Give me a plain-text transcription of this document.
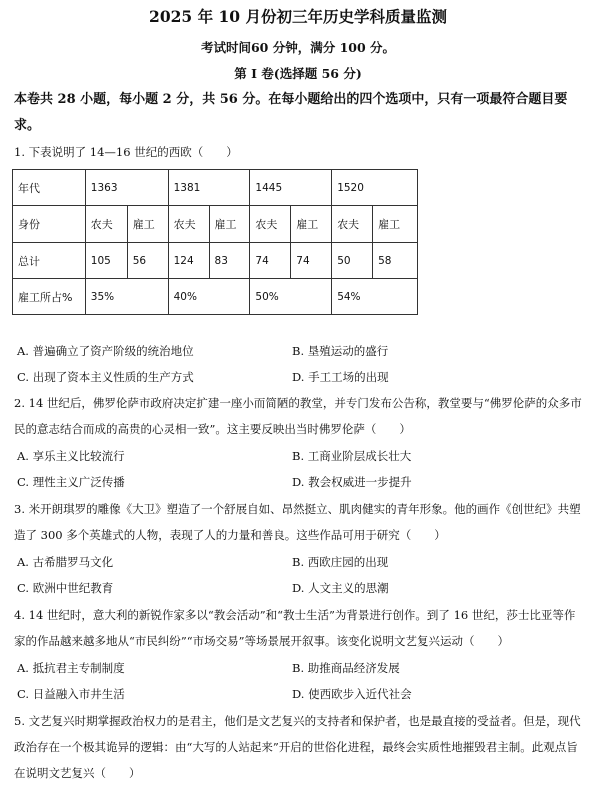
2025 年 10 月份初三年历史学科质量监测
考试时间60 分钟，满分 100 分。
第 I 卷(选择题 56 分)
本卷共 28 小题，每小题 2 分，共 56 分。在每小题给出的四个选项中，只有一项最符合题目要求。
1. 下表说明了 14—16 世纪的西欧（　　）
年代	1363		1381		1445		1520	
身份	农夫	雇工	农夫	雇工	农夫	雇工	农夫	雇工
总计	105	56	124	83	74	74	50	58
雇工所占%	35%		40%		50%		54%	
A. 普遍确立了资产阶级的统治地位	B. 垦殖运动的盛行
C. 出现了资本主义性质的生产方式	D. 手工工场的出现
2. 14 世纪后，佛罗伦萨市政府决定扩建一座小而简陋的教堂，并专门发布公告称，教堂要与“佛罗伦萨的众多市民的意志结合而成的高贵的心灵相一致”。这主要反映出当时佛罗伦萨（　　）
A. 享乐主义比较流行	B. 工商业阶层成长壮大
C. 理性主义广泛传播	D. 教会权威进一步提升
3. 米开朗琪罗的雕像《大卫》塑造了一个舒展自如、昂然挺立、肌肉健实的青年形象。他的画作《创世纪》共塑造了 300 多个英雄式的人物，表现了人的力量和善良。这些作品可用于研究（　　）
A. 古希腊罗马文化	B. 西欧庄园的出现
C. 欧洲中世纪教育	D. 人文主义的思潮
4. 14 世纪时，意大利的新锐作家多以“教会活动”和“教士生活”为背景进行创作。到了 16 世纪，莎士比亚等作家的作品越来越多地从“市民纠纷”“市场交易”等场景展开叙事。该变化说明文艺复兴运动（　　）
A. 抵抗君主专制制度	B. 助推商品经济发展
C. 日益融入市井生活	D. 使西欧步入近代社会
5. 文艺复兴时期掌握政治权力的是君主，他们是文艺复兴的支持者和保护者，也是最直接的受益者。但是，现代政治存在一个极其诡异的逻辑：由“大写的人站起来”开启的世俗化进程，最终会实质性地摧毁君主制。此观点旨在说明文艺复兴（　　）
